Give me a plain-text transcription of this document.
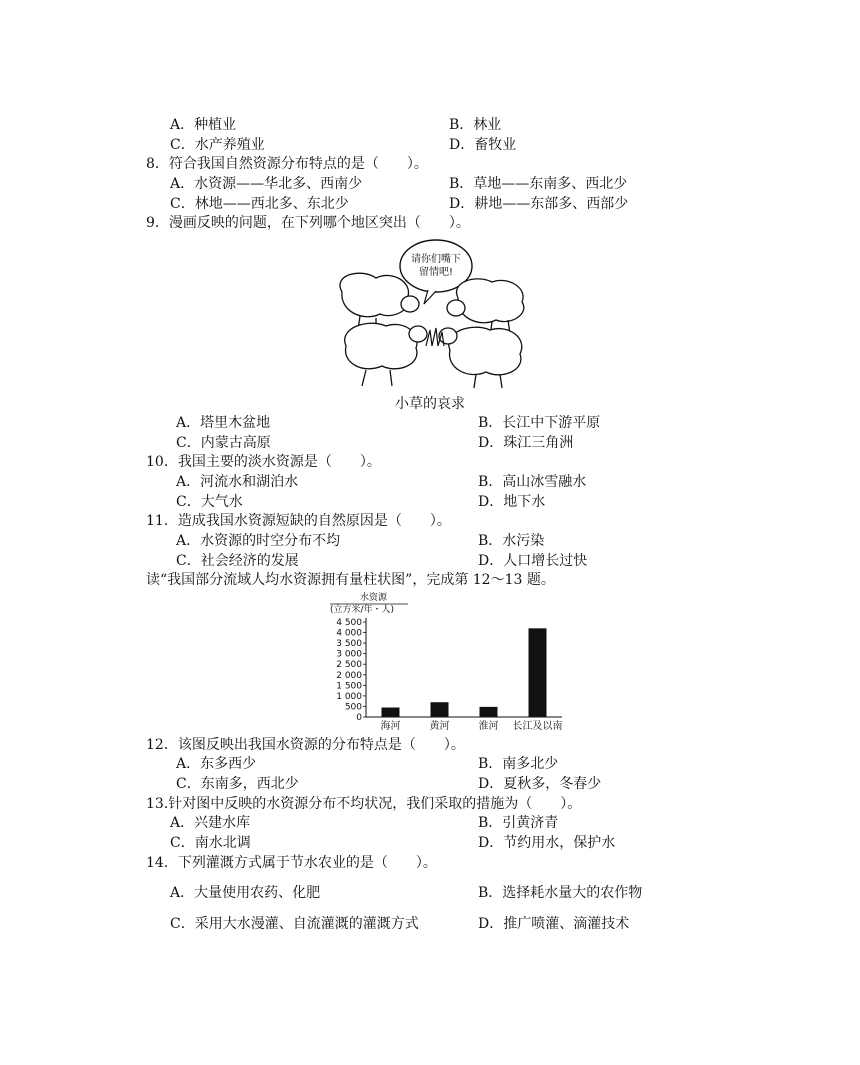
A．种植业	B．林业
C．水产养殖业	D．畜牧业
8．符合我国自然资源分布特点的是（　　）。
A．水资源——华北多、西南少	B．草地——东南多、西北少
C．林地——西北多、东北少	D．耕地——东部多、西部少
9．漫画反映的问题，在下列哪个地区突出（　　）。
请你们嘴下
留情吧!
小草的哀求
A．塔里木盆地	B．长江中下游平原
C．内蒙古高原	D．珠江三角洲
10．我国主要的淡水资源是（　　）。
A．河流水和湖泊水	B．高山冰雪融水
C．大气水	D．地下水
11．造成我国水资源短缺的自然原因是（　　）。
A．水资源的时空分布不均	B．水污染
C．社会经济的发展	D．人口增长过快
读“我国部分流域人均水资源拥有量柱状图”，完成第 12～13 题。
水资源
(立方米/年・人)
4 500
4 000
3 500
3 000
2 500
2 000
1 500
1 000
500
0
海河	黄河	淮河 长江及以南
12．该图反映出我国水资源的分布特点是（　　）。
A．东多西少	B．南多北少
C．东南多，西北少	D．夏秋多，冬春少
13.针对图中反映的水资源分布不均状况，我们采取的措施为（　　）。
A．兴建水库	B．引黄济青
C．南水北调	D．节约用水，保护水
14．下列灌溉方式属于节水农业的是（　　）。
A．大量使用农药、化肥	B．选择耗水量大的农作物
C．采用大水漫灌、自流灌溉的灌溉方式	D．推广喷灌、滴灌技术
